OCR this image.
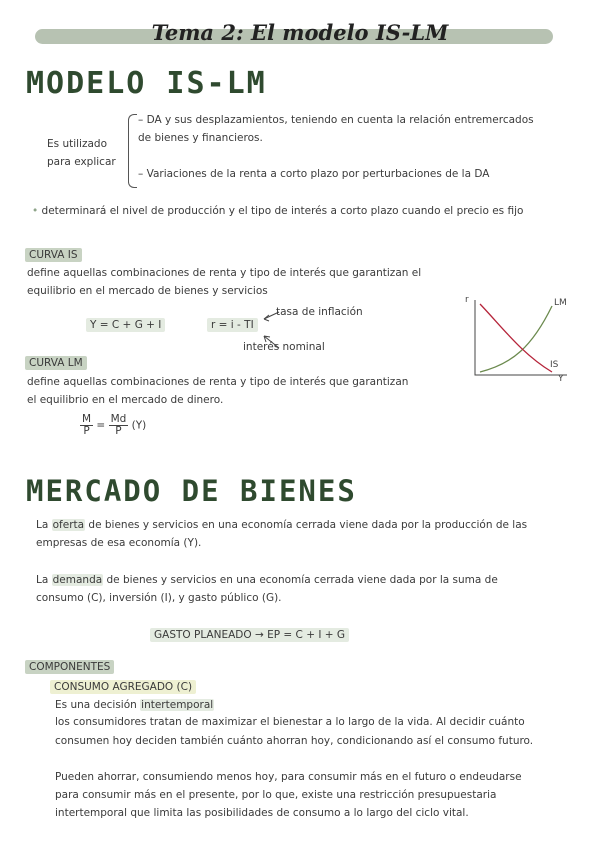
Tema 2: El modelo IS-LM
MODELO IS-LM
Es utilizado
para explicar
– DA y sus desplazamientos, teniendo en cuenta la relación entremercados
de bienes y financieros.
– Variaciones de la renta a corto plazo por perturbaciones de la DA
• determinará el nivel de producción y el tipo de interés a corto plazo cuando el precio es fijo
CURVA IS
define aquellas combinaciones de renta y tipo de interés que garantizan el
equilibrio en el mercado de bienes y servicios
Y = C + G + I	r = i - TI
tasa de inflación
interés nominal
r
Y
LM
IS
CURVA LM
define aquellas combinaciones de renta y tipo de interés que garantizan
el equilibrio en el mercado de dinero.
$\frac{M}{P} = \frac{Md}{P} (Y)$
MERCADO DE BIENES
La oferta de bienes y servicios en una economía cerrada viene dada por la producción de las
empresas de esa economía (Y).
La demanda de bienes y servicios en una economía cerrada viene dada por la suma de
consumo (C), inversión (I), y gasto público (G).
GASTO PLANEADO → EP = C + I + G
COMPONENTES
CONSUMO AGREGADO (C)
Es una decisión intertemporal
los consumidores tratan de maximizar el bienestar a lo largo de la vida. Al decidir cuánto
consumen hoy deciden también cuánto ahorran hoy, condicionando así el consumo futuro.
Pueden ahorrar, consumiendo menos hoy, para consumir más en el futuro o endeudarse
para consumir más en el presente, por lo que, existe una restricción presupuestaria
intertemporal que limita las posibilidades de consumo a lo largo del ciclo vital.
